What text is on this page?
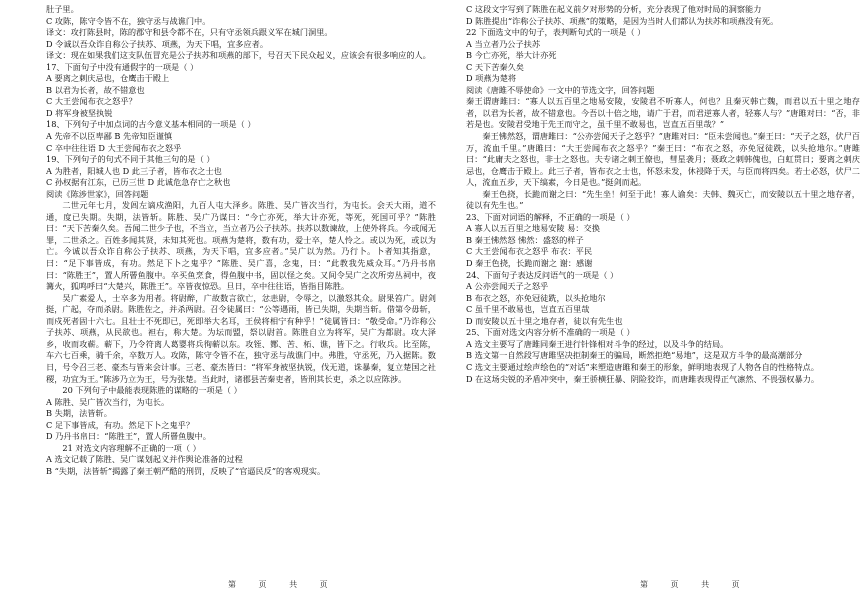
肚子里。

C 攻陈，陈守令皆不在，独守丞与战谯门中。

译文：攻打陈县时，陈的郡守和县令都不在，只有守丞领兵跟义军在城门洞里。

D 令诚以吾众诈自称公子扶苏、项燕，为天下唱，宜多应者。

译文：现在如果我们这支队伍冒充是公子扶苏和项燕的部下，号召天下民众起义，应该会有很多响应的人。

17、下面句子中没有通假字的一项是（ ）

A 要离之刺庆忌也，仓鹰击于殿上

B 以君为长者，故不错意也

C 大王尝闻布衣之怒乎？

D 将军身被坚执锐

18、下列句子中加点词的古今意义基本相同的一项是（ ）

A 先帝不以臣卑鄙 B 先帝知臣谨慎

C 卒中往往语 D 大王尝闻布衣之怒乎

19、下列句子的句式不同于其他三句的是（ ）

A 为胜者，阳城人也 D 此三子者，皆布衣之士也

C 孙权据有江东，已历三世 D 此诚危急存亡之秋也

阅读《陈涉世家》，回答问题

二世元年七月，发闾左谪戍渔阳，九百人屯大泽乡。陈胜、吴广皆次当行，为屯长。会天大雨，道不通，度已失期。失期，法皆斩。陈胜、吴广乃谋曰：“今亡亦死，举大计亦死，等死，死国可乎？”陈胜曰：“天下苦秦久矣。吾闻二世少子也，不当立，当立者乃公子扶苏。扶苏以数谏故，上使外将兵。今或闻无罪，二世杀之。百姓多闻其贤，未知其死也。项燕为楚将，数有功，爱士卒，楚人怜之。或以为死，或以为亡。今诚以吾众诈自称公子扶苏、项燕，为天下唱，宜多应者。”吴广以为然。乃行卜。卜者知其指意，曰：“足下事皆成，有功。然足下卜之鬼乎？”陈胜、吴广喜，念鬼，曰：“此教我先威众耳。”乃丹书帛曰：“陈胜王”，置人所罾鱼腹中。卒买鱼烹食，得鱼腹中书，固以怪之矣。又间令吴广之次所旁丛祠中，夜篝火，狐鸣呼曰“大楚兴，陈胜王”。卒皆夜惊恐。旦日，卒中往往语，皆指目陈胜。

吴广素爱人，士卒多为用者。将尉醉，广故数言欲亡，忿恚尉，令辱之，以激怒其众。尉果笞广。尉剑挺，广起，夺而杀尉。陈胜佐之，并杀两尉。召令徒属曰：“公等遇雨，皆已失期，失期当斩。借第令毋斩，而戍死者固十六七。且壮士不死即已，死即举大名耳，王侯将相宁有种乎！”徒属皆曰：“敬受命。”乃诈称公子扶苏、项燕，从民欲也。袒右，称大楚。为坛而盟，祭以尉首。陈胜自立为将军，吴广为都尉。攻大泽乡，收而攻蕲。蕲下，乃令符离人葛婴将兵徇蕲以东。攻铚、酂、苦、柘、谯，皆下之。行收兵。比至陈，车六七百乘，骑千余，卒数万人。攻陈，陈守令皆不在，独守丞与战谯门中。弗胜，守丞死，乃入据陈。数日，号令召三老、豪杰与皆来会计事。三老、豪杰皆曰：“将军身被坚执锐，伐无道，诛暴秦，复立楚国之社稷，功宜为王。”陈涉乃立为王，号为张楚。当此时，诸郡县苦秦吏者，皆刑其长吏，杀之以应陈涉。

20 下列句子中最能表现陈胜的谋略的一项是（ ）

A 陈胜、吴广皆次当行，为屯长。

B 失期，法皆斩。

C 足下事皆成，有功。然足下卜之鬼乎？

D 乃丹书帛曰：“陈胜王”，置人所罾鱼腹中。

21 对选文内容理解不正确的一项（ ）

A 选文记载了陈胜、吴广谋划起义并作舆论准备的过程

B “失期，法皆斩”揭露了秦王朝严酷的刑罚，反映了“官逼民反”的客观现实。

C 这段文字写到了陈胜在起义前夕对形势的分析，充分表现了他对时局的洞察能力

D 陈胜提出“诈称公子扶苏、项燕”的策略，是因为当时人们都认为扶苏和项燕没有死。

22 下面选文中的句子，表判断句式的一项是（ ）

A 当立者乃公子扶苏

B 今亡亦死，举大计亦死

C 天下苦秦久矣

D 项燕为楚将

阅读《唐雎不辱使命》一文中的节选文字，回答问题

秦王谓唐雎曰：“寡人以五百里之地易安陵，安陵君不听寡人，何也？且秦灭韩亡魏，而君以五十里之地存者，以君为长者，故不错意也。今吾以十倍之地，请广于君，而君逆寡人者，轻寡人与？”唐雎对曰：“否，非若是也。安陵君受地于先王而守之，虽千里不敢易也，岂直五百里哉？”

秦王怫然怒，谓唐雎曰：“公亦尝闻天子之怒乎？”唐雎对曰：“臣未尝闻也。”秦王曰：“天子之怒，伏尸百万，流血千里。”唐雎曰：“大王尝闻布衣之怒乎？”秦王曰：“布衣之怒，亦免冠徒跣，以头抢地尔。”唐雎曰：“此庸夫之怒也，非士之怒也。夫专诸之刺王僚也，彗星袭月；聂政之刺韩傀也，白虹贯日；要离之刺庆忌也，仓鹰击于殿上。此三子者，皆布衣之士也，怀怒未发，休祲降于天，与臣而将四矣。若士必怒，伏尸二人，流血五步，天下缟素，今日是也。”挺剑而起。

秦王色挠，长跪而谢之曰：“先生坐！何至于此！寡人谕矣：夫韩、魏灭亡，而安陵以五十里之地存者，徒以有先生也。”

23、下面对词语的解释，不正确的一项是（ ）

A 寡人以五百里之地易安陵 易：交换

B 秦王怫然怒 怫然：盛怒的样子

C 大王尝闻布衣之怒乎 布衣：平民

D 秦王色挠，长跪而谢之 谢：感谢

24、下面句子表达反问语气的一项是（ ）

A 公亦尝闻天子之怒乎

B 布衣之怒，亦免冠徒跣，以头抢地尔

C 虽千里不敢易也，岂直五百里哉

D 而安陵以五十里之地存者，徒以有先生也

25、下面对选文内容分析不准确的一项是（ ）

A 选文主要写了唐雎同秦王进行针锋相对斗争的经过，以及斗争的结局。

B 选文第一自然段写唐雎坚决拒制秦王的骗局，断然拒绝“易地”，这是双方斗争的最高潮部分

C 选文主要通过绘声绘色的“对话”来塑造唐雎和秦王的形象，鲜明地表现了人物各自的性格特点。

D 在这场尖锐的矛盾冲突中，秦王骄横狂暴、阴险狡诈，而唐雎表现得正气凛然、不畏强权暴力。

第 页 共 页	第 页 共 页
